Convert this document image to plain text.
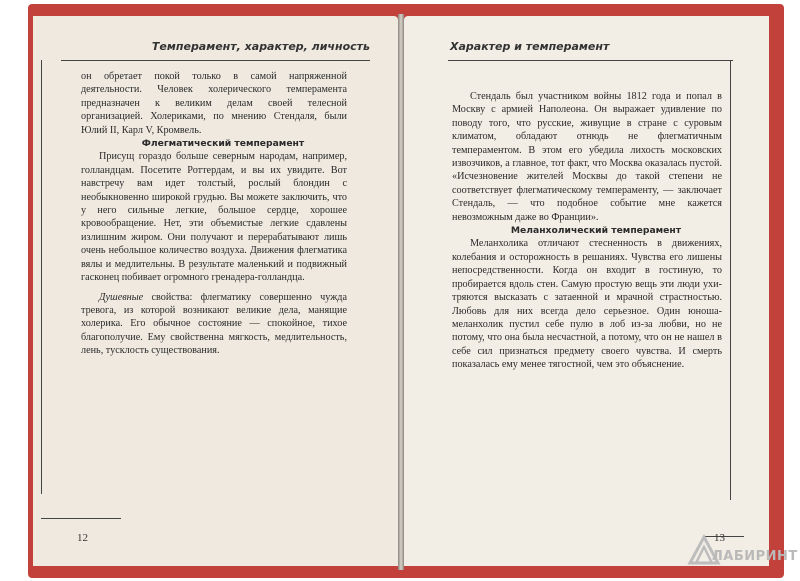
Темперамент, характер, личность

он обретает покой только в самой напряженной деятельности. Человек холерического темперамента предназначен к великим делам своей телесной организацией. Холериками, по мнению Стендаля, были Юлий II, Карл V, Кромвель.

Флегматический темперамент

Присущ гораздо больше северным народам, например, голландцам. Посетите Роттердам, и вы их увидите. Вот навстречу вам идет толстый, рослый блондин с необыкновенно широкой грудью. Вы можете заключить, что у него сильные легкие, большое сердце, хорошее кровообращение. Нет, эти объемистые легкие сдавлены излишним жиром. Они получают и перерабатывают лишь очень небольшое количество воздуха. Движения флегматика вялы и медлительны. В результате маленький и подвижный гасконец побивает огромного гренадера-голландца.

Душевные свойства: флегматику совершенно чужда тревога, из которой возникают великие дела, манящие холерика. Его обычное состояние — спокойное, тихое благополучие. Ему свойственна мягкость, медлительность, лень, тусклость существования.

12
Характер и темперамент

Стендаль был участником войны 1812 года и попал в Москву с армией Наполеона. Он выражает удивление по поводу того, что русские, живущие в стране с суровым климатом, обладают отнюдь не флегматичным темпераментом. В этом его убедила лихость московских извозчиков, а главное, тот факт, что Москва оказалась пустой. «Исчезновение жителей Москвы до такой степени не соответствует флегматическому темпераменту, — заключает Стендаль, — что подобное событие мне кажется невозможным даже во Франции».

Меланхолический темперамент

Меланхолика отличают стесненность в движениях, колебания и осторожность в решаниях. Чувства его лишены непосредственности. Когда он входит в гостиную, то пробирается вдоль стен. Самую простую вещь эти люди ухитряются высказать с затаенной и мрачной страстностью. Любовь для них всегда дело серьезное. Один юноша-меланхолик пустил себе пулю в лоб из-за любви, но не потому, что она была несчастной, а потому, что он не нашел в себе сил признаться предмету своего чувства. И смерть показалась ему менее тягостной, чем это объяснение.

13
ЛАБИРИНТ
